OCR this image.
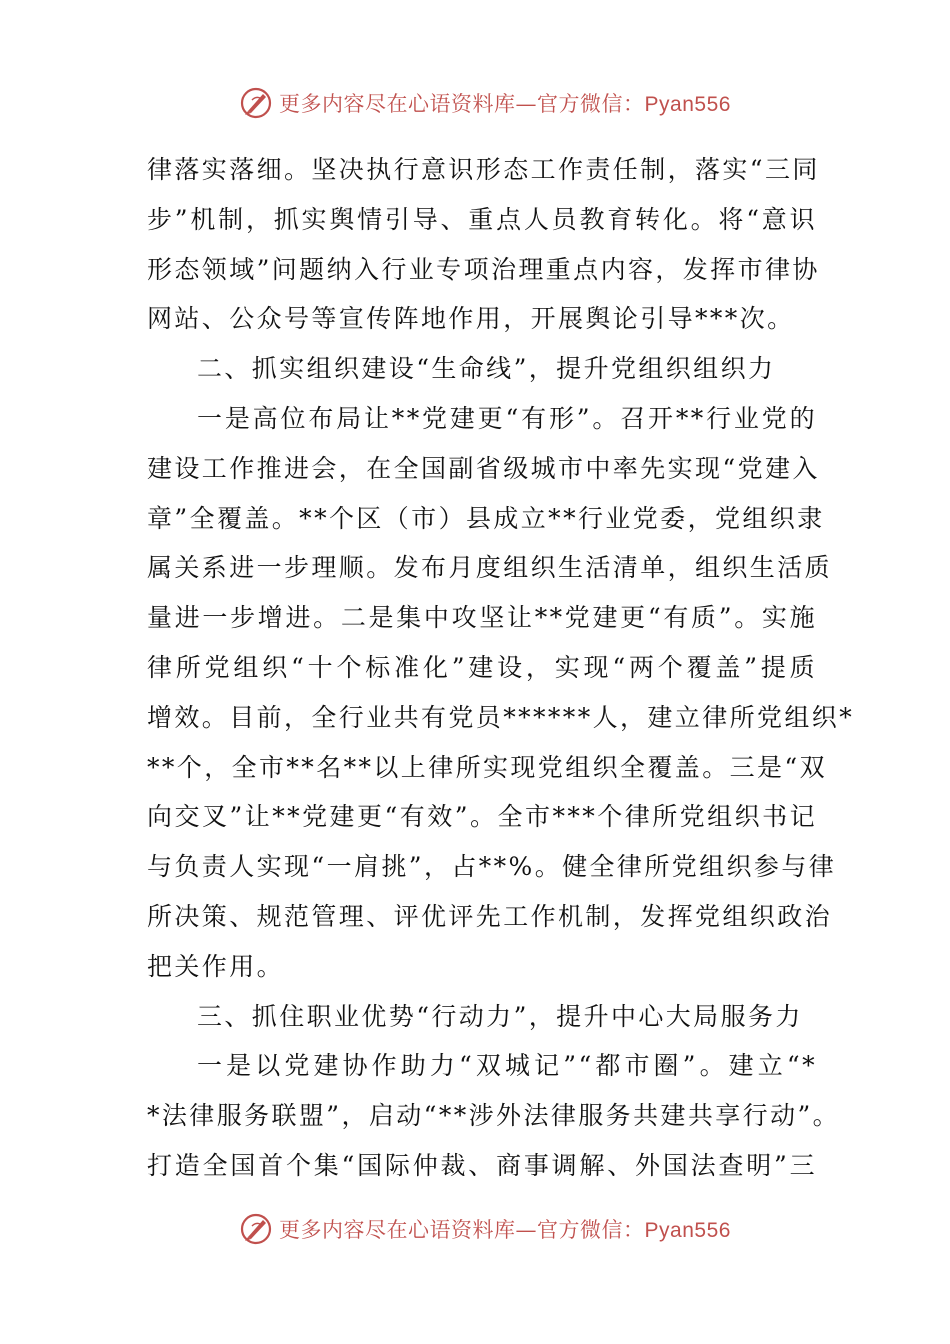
更多内容尽在心语资料库—官方微信：Pyan556
律落实落细。坚决执行意识形态工作责任制，落实“三同
步”机制，抓实舆情引导、重点人员教育转化。将“意识
形态领域”问题纳入行业专项治理重点内容，发挥市律协
网站、公众号等宣传阵地作用，开展舆论引导***次。
二、抓实组织建设“生命线”，提升党组织组织力
一是高位布局让**党建更“有形”。召开**行业党的
建设工作推进会，在全国副省级城市中率先实现“党建入
章”全覆盖。**个区（市）县成立**行业党委，党组织隶
属关系进一步理顺。发布月度组织生活清单，组织生活质
量进一步增进。二是集中攻坚让**党建更“有质”。实施
律所党组织“十个标准化”建设，实现“两个覆盖”提质
增效。目前，全行业共有党员******人，建立律所党组织*
**个，全市**名**以上律所实现党组织全覆盖。三是“双
向交叉”让**党建更“有效”。全市***个律所党组织书记
与负责人实现“一肩挑”，占**%。健全律所党组织参与律
所决策、规范管理、评优评先工作机制，发挥党组织政治
把关作用。
三、抓住职业优势“行动力”，提升中心大局服务力
一是以党建协作助力“双城记”“都市圈”。建立“*
*法律服务联盟”，启动“**涉外法律服务共建共享行动”。
打造全国首个集“国际仲裁、商事调解、外国法查明”三
更多内容尽在心语资料库—官方微信：Pyan556
